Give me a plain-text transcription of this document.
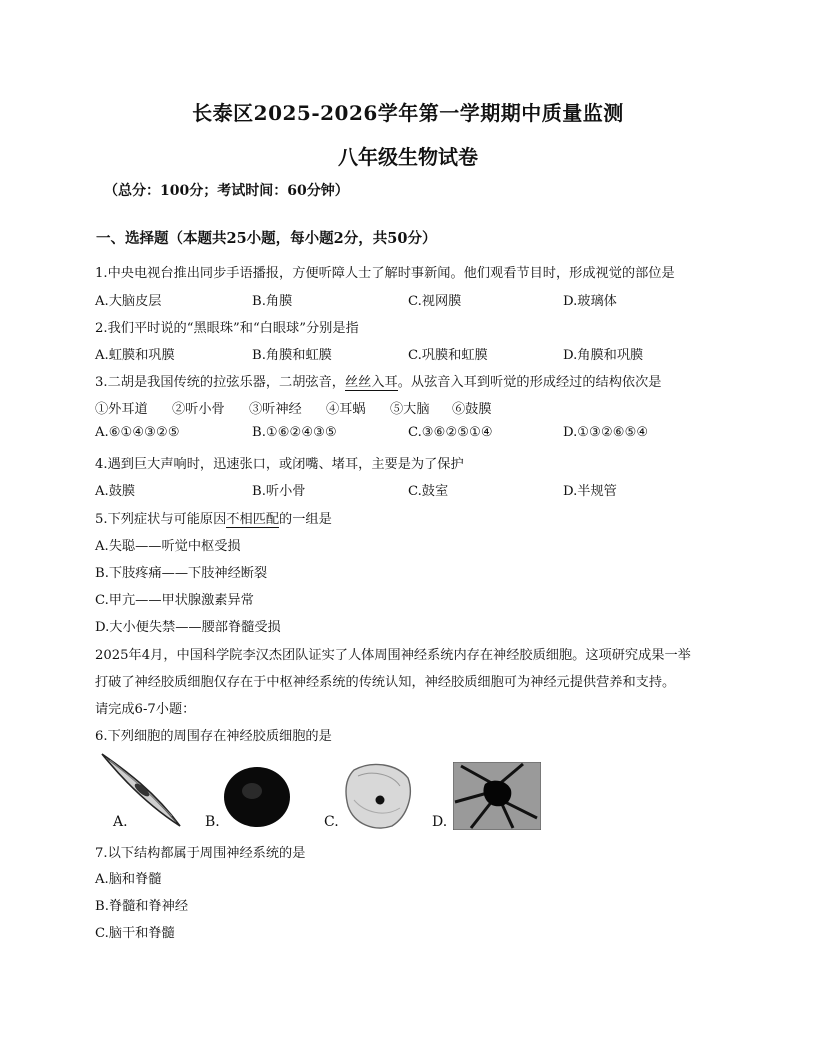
长泰区2025-2026学年第一学期期中质量监测
八年级生物试卷
（总分：100分；考试时间：60分钟）
一、选择题（本题共25小题，每小题2分，共50分）
1.中央电视台推出同步手语播报，方便听障人士了解时事新闻。他们观看节目时，形成视觉的部位是
A.大脑皮层	B.角膜	C.视网膜	D.玻璃体
2.我们平时说的“黑眼珠”和“白眼球”分别是指
A.虹膜和巩膜	B.角膜和虹膜	C.巩膜和虹膜	D.角膜和巩膜
3.二胡是我国传统的拉弦乐器，二胡弦音，丝丝入耳。从弦音入耳到听觉的形成经过的结构依次是
①外耳道 ②听小骨 ③听神经 ④耳蜗 ⑤大脑 ⑥鼓膜
A.⑥①④③②⑤	B.①⑥②④③⑤	C.③⑥②⑤①④	D.①③②⑥⑤④
4.遇到巨大声响时，迅速张口，或闭嘴、堵耳，主要是为了保护
A.鼓膜	B.听小骨	C.鼓室	D.半规管
5.下列症状与可能原因不相匹配的一组是
A.失聪——听觉中枢受损
B.下肢疼痛——下肢神经断裂
C.甲亢——甲状腺激素异常
D.大小便失禁——腰部脊髓受损
2025年4月，中国科学院李汉杰团队证实了人体周围神经系统内存在神经胶质细胞。这项研究成果一举
打破了神经胶质细胞仅存在于中枢神经系统的传统认知，神经胶质细胞可为神经元提供营养和支持。
请完成6-7小题：
6.下列细胞的周围存在神经胶质细胞的是
A.	B.	C.	D.
7.以下结构都属于周围神经系统的是
A.脑和脊髓
B.脊髓和脊神经
C.脑干和脊髓
